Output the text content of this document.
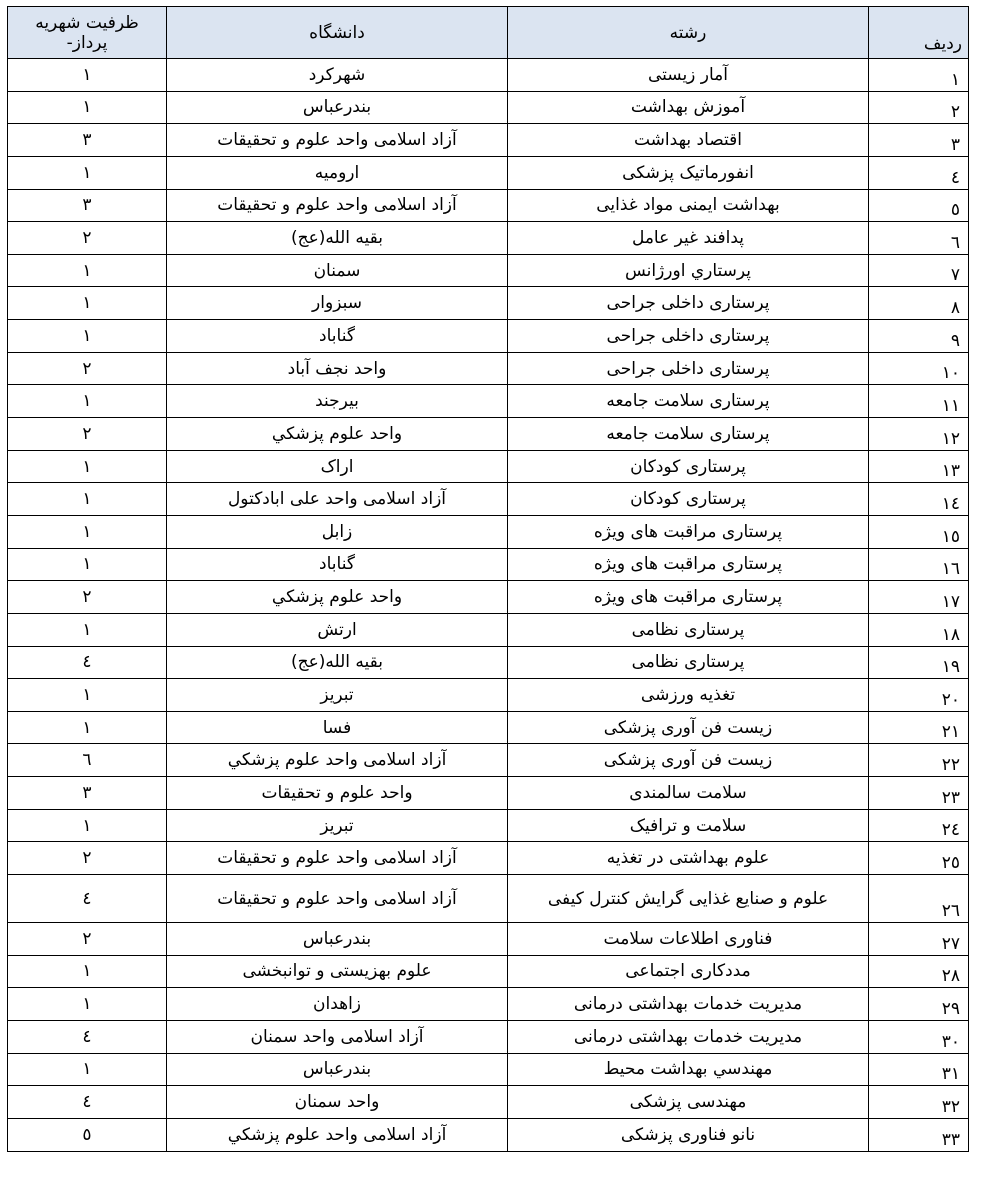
ردیف	رشته	دانشگاه	ظرفیت شهریه پرداز-
۱	آمار زیستی	شهرکرد	۱
۲	آموزش بهداشت	بندرعباس	۱
۳	اقتصاد بهداشت	آزاد اسلامی واحد علوم و تحقیقات	۳
٤	انفورماتیک پزشکی	ارومیه	۱
٥	بهداشت ایمنی مواد غذایی	آزاد اسلامی واحد علوم و تحقیقات	۳
٦	پدافند غیر عامل	بقیه الله(عج)	۲
۷	پرستاري اورژانس	سمنان	۱
۸	پرستاری داخلی جراحی	سبزوار	۱
۹	پرستاری داخلی جراحی	گناباد	۱
۱۰	پرستاری داخلی جراحی	واحد نجف آباد	۲
۱۱	پرستاری سلامت جامعه	بیرجند	۱
۱۲	پرستاری سلامت جامعه	واحد علوم پزشكي	۲
۱۳	پرستاری کودکان	اراک	۱
۱٤	پرستاری کودکان	آزاد اسلامی واحد علی اباد‌کتول	۱
۱٥	پرستاری مراقبت های ویژه	زابل	۱
۱٦	پرستاری مراقبت های ویژه	گناباد	۱
۱۷	پرستاری مراقبت های ویژه	واحد علوم پزشكي	۲
۱۸	پرستاری نظامی	ارتش	۱
۱۹	پرستاری نظامی	بقیه الله(عج)	٤
۲۰	تغذیه ورزشی	تبریز	۱
۲۱	زیست فن آوری پزشکی	فسا	۱
۲۲	زیست فن آوری پزشکی	آزاد اسلامی واحد علوم پزشكي	٦
۲۳	سلامت سالمندی	واحد علوم و تحقیقات	۳
۲٤	سلامت و ترافیک	تبریز	۱
۲٥	علوم بهداشتی در تغذیه	آزاد اسلامی واحد علوم و تحقیقات	۲
۲٦	علوم و صنایع غذایی گرایش کنترل کیفی	آزاد اسلامی واحد علوم و تحقیقات	٤
۲۷	فناوری اطلاعات سلامت	بندرعباس	۲
۲۸	مددکاری اجتماعی	علوم بهزیستی و توانبخشی	۱
۲۹	مدیریت خدمات بهداشتی درمانی	زاهدان	۱
۳۰	مدیریت خدمات بهداشتی درمانی	آزاد اسلامی واحد سمنان	٤
۳۱	مهندسي بهداشت محیط	بندرعباس	۱
۳۲	مهندسی پزشکی	واحد سمنان	٤
۳۳	نانو فناوری پزشکی	آزاد اسلامی واحد علوم پزشكي	٥
